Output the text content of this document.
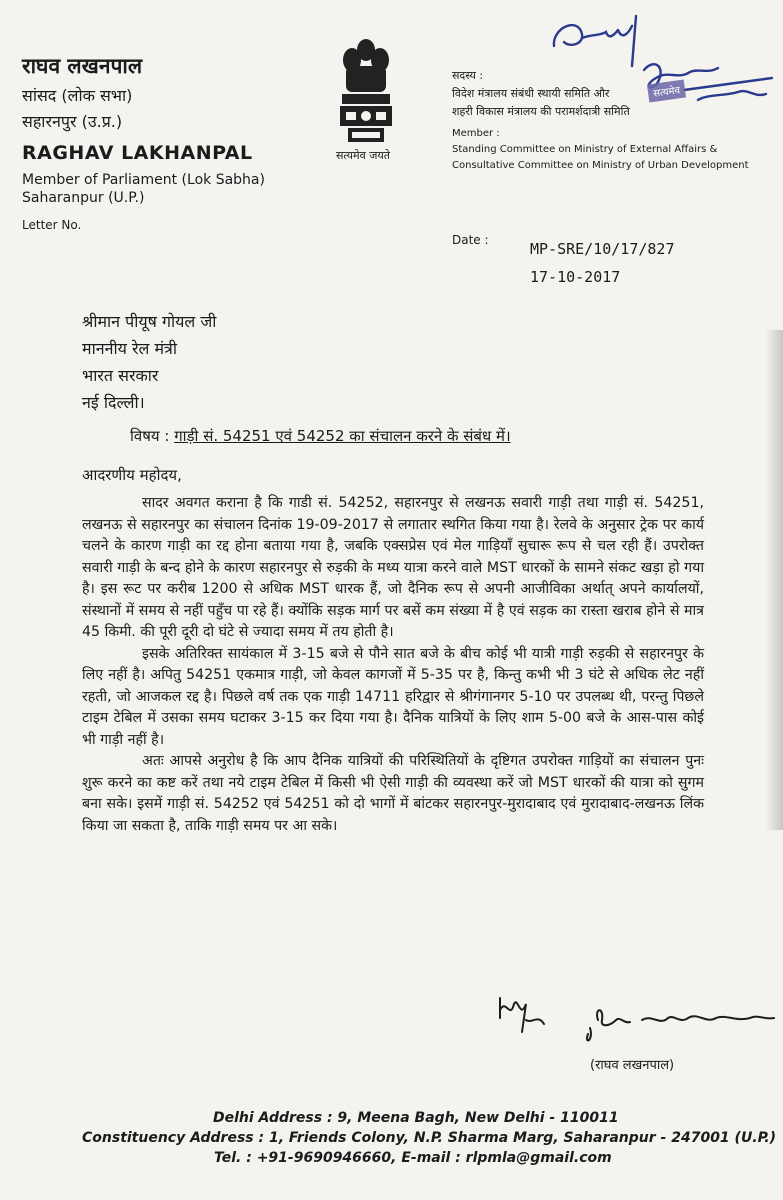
राघव लखनपाल
सांसद (लोक सभा)
सहारनपुर (उ.प्र.)
RAGHAV LAKHANPAL
Member of Parliament (Lok Sabha)
Saharanpur (U.P.)
Letter No.
सत्यमेव जयते
सदस्य :
विदेश मंत्रालय संबंधी स्थायी समिति और
शहरी विकास मंत्रालय की परामर्शदात्री समिति
Member :
Standing Committee on Ministry of External Affairs &
Consultative Committee on Ministry of Urban Development
सत्यमेव
Date :	MP-SRE/10/17/827
17-10-2017
श्रीमान पीयूष गोयल जी
माननीय रेल मंत्री
भारत सरकार
नई दिल्ली।
विषय : गाड़ी सं. 54251 एवं 54252 का संचालन करने के संबंध में।
आदरणीय महोदय,

सादर अवगत कराना है कि गाडी सं. 54252, सहारनपुर से लखनऊ सवारी गाड़ी तथा गाड़ी सं. 54251, लखनऊ से सहारनपुर का संचालन दिनांक 19-09-2017 से लगातार स्थगित किया गया है। रेलवे के अनुसार ट्रेक पर कार्य चलने के कारण गाड़ी का रद्द होना बताया गया है, जबकि एक्सप्रेस एवं मेल गाड़ियाँ सुचारू रूप से चल रही हैं। उपरोक्त सवारी गाड़ी के बन्द होने के कारण सहारनपुर से रुड़की के मध्य यात्रा करने वाले MST धारकों के सामने संकट खड़ा हो गया है। इस रूट पर करीब 1200 से अधिक MST धारक हैं, जो दैनिक रूप से अपनी आजीविका अर्थात् अपने कार्यालयों, संस्थानों में समय से नहीं पहुँच पा रहे हैं। क्योंकि सड़क मार्ग पर बसें कम संख्या में है एवं सड़क का रास्ता खराब होने से मात्र 45 किमी. की पूरी दूरी दो घंटे से ज्यादा समय में तय होती है।

इसके अतिरिक्त सायंकाल में 3-15 बजे से पौने सात बजे के बीच कोई भी यात्री गाड़ी रुड़की से सहारनपुर के लिए नहीं है। अपितु 54251 एकमात्र गाड़ी, जो केवल कागजों में 5-35 पर है, किन्तु कभी भी 3 घंटे से अधिक लेट नहीं रहती, जो आजकल रद्द है। पिछले वर्ष तक एक गाड़ी 14711 हरिद्वार से श्रीगंगानगर 5-10 पर उपलब्ध थी, परन्तु पिछले टाइम टेबिल में उसका समय घटाकर 3-15 कर दिया गया है। दैनिक यात्रियों के लिए शाम 5-00 बजे के आस-पास कोई भी गाड़ी नहीं है।

अतः आपसे अनुरोध है कि आप दैनिक यात्रियों की परिस्थितियों के दृष्टिगत उपरोक्त गाड़ियों का संचालन पुनः शुरू करने का कष्ट करें तथा नये टाइम टेबिल में किसी भी ऐसी गाड़ी की व्यवस्था करें जो MST धारकों की यात्रा को सुगम बना सके। इसमें गाड़ी सं. 54252 एवं 54251 को दो भागों में बांटकर सहारनपुर-मुरादाबाद एवं मुरादाबाद-लखनऊ लिंक किया जा सकता है, ताकि गाड़ी समय पर आ सके।

(राघव लखनपाल)
Delhi Address : 9, Meena Bagh, New Delhi - 110011
Constituency Address : 1, Friends Colony, N.P. Sharma Marg, Saharanpur - 247001 (U.P.)
Tel. : +91-9690946660, E-mail : rlpmla@gmail.com
